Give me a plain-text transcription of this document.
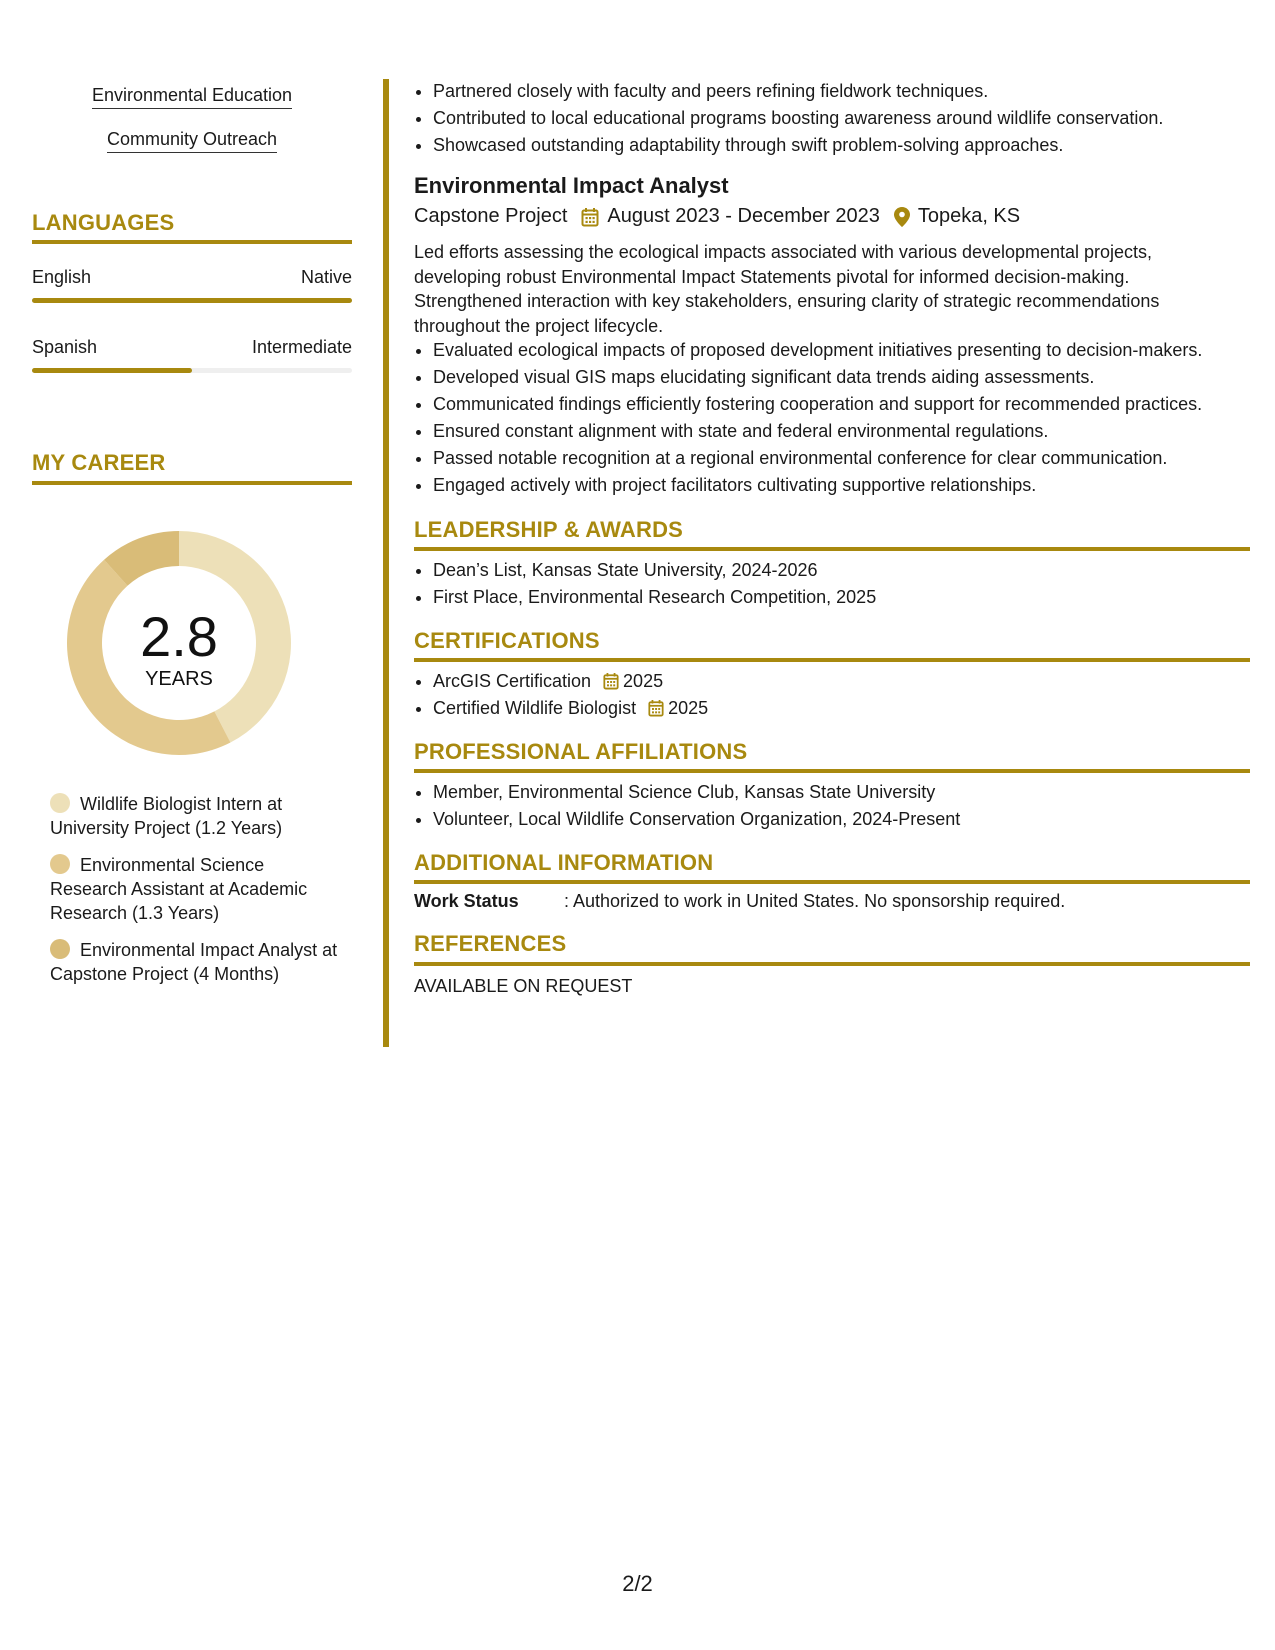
Environmental Education
Community Outreach
LANGUAGES
English	Native
Spanish	Intermediate
MY CAREER
2.8
YEARS
Wildlife Biologist Intern at University Project (1.2 Years)
Environmental Science Research Assistant at Academic Research (1.3 Years)
Environmental Impact Analyst at Capstone Project (4 Months)
• Partnered closely with faculty and peers refining fieldwork techniques.
• Contributed to local educational programs boosting awareness around wildlife conservation.
• Showcased outstanding adaptability through swift problem-solving approaches.
Environmental Impact Analyst
Capstone Project August 2023 - December 2023 Topeka, KS
Led efforts assessing the ecological impacts associated with various developmental projects, developing robust Environmental Impact Statements pivotal for informed decision-making. Strengthened interaction with key stakeholders, ensuring clarity of strategic recommendations throughout the project lifecycle.
• Evaluated ecological impacts of proposed development initiatives presenting to decision-makers.
• Developed visual GIS maps elucidating significant data trends aiding assessments.
• Communicated findings efficiently fostering cooperation and support for recommended practices.
• Ensured constant alignment with state and federal environmental regulations.
• Passed notable recognition at a regional environmental conference for clear communication.
• Engaged actively with project facilitators cultivating supportive relationships.
LEADERSHIP & AWARDS
• Dean’s List, Kansas State University, 2024-2026
• First Place, Environmental Research Competition, 2025
CERTIFICATIONS
• ArcGIS Certification 2025
• Certified Wildlife Biologist 2025
PROFESSIONAL AFFILIATIONS
• Member, Environmental Science Club, Kansas State University
• Volunteer, Local Wildlife Conservation Organization, 2024-Present
ADDITIONAL INFORMATION
Work Status	: Authorized to work in United States. No sponsorship required.
REFERENCES
AVAILABLE ON REQUEST
2/2
